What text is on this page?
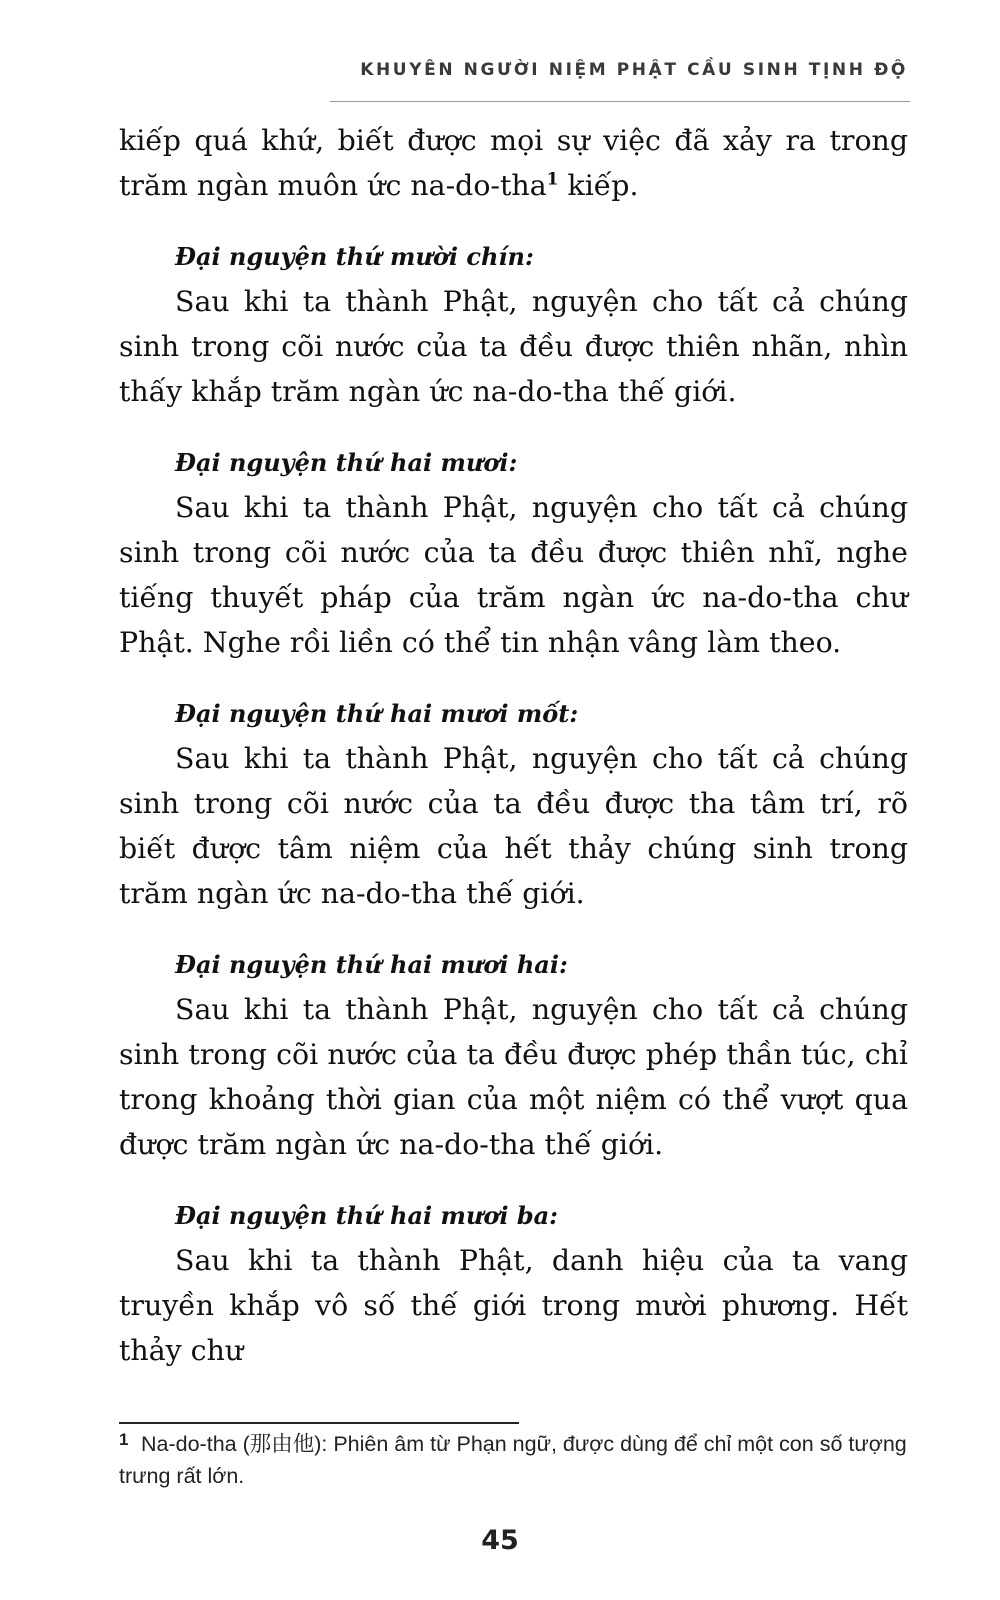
KHUYÊN NGƯỜI NIỆM PHẬT CẦU SINH TỊNH ĐỘ

kiếp quá khứ, biết được mọi sự việc đã xảy ra trong trăm ngàn muôn ức na-do-tha$^1$ kiếp.

Đại nguyện thứ mười chín:

Sau khi ta thành Phật, nguyện cho tất cả chúng sinh trong cõi nước của ta đều được thiên nhãn, nhìn thấy khắp trăm ngàn ức na-do-tha thế giới.

Đại nguyện thứ hai mươi:

Sau khi ta thành Phật, nguyện cho tất cả chúng sinh trong cõi nước của ta đều được thiên nhĩ, nghe tiếng thuyết pháp của trăm ngàn ức na-do-tha chư Phật. Nghe rồi liền có thể tin nhận vâng làm theo.

Đại nguyện thứ hai mươi mốt:

Sau khi ta thành Phật, nguyện cho tất cả chúng sinh trong cõi nước của ta đều được tha tâm trí, rõ biết được tâm niệm của hết thảy chúng sinh trong trăm ngàn ức na-do-tha thế giới.

Đại nguyện thứ hai mươi hai:

Sau khi ta thành Phật, nguyện cho tất cả chúng sinh trong cõi nước của ta đều được phép thần túc, chỉ trong khoảng thời gian của một niệm có thể vượt qua được trăm ngàn ức na-do-tha thế giới.

Đại nguyện thứ hai mươi ba:

Sau khi ta thành Phật, danh hiệu của ta vang truyền khắp vô số thế giới trong mười phương. Hết thảy chư

1 Na-do-tha (那由他): Phiên âm từ Phạn ngữ, được dùng để chỉ một con số tượng trưng rất lớn.
45
